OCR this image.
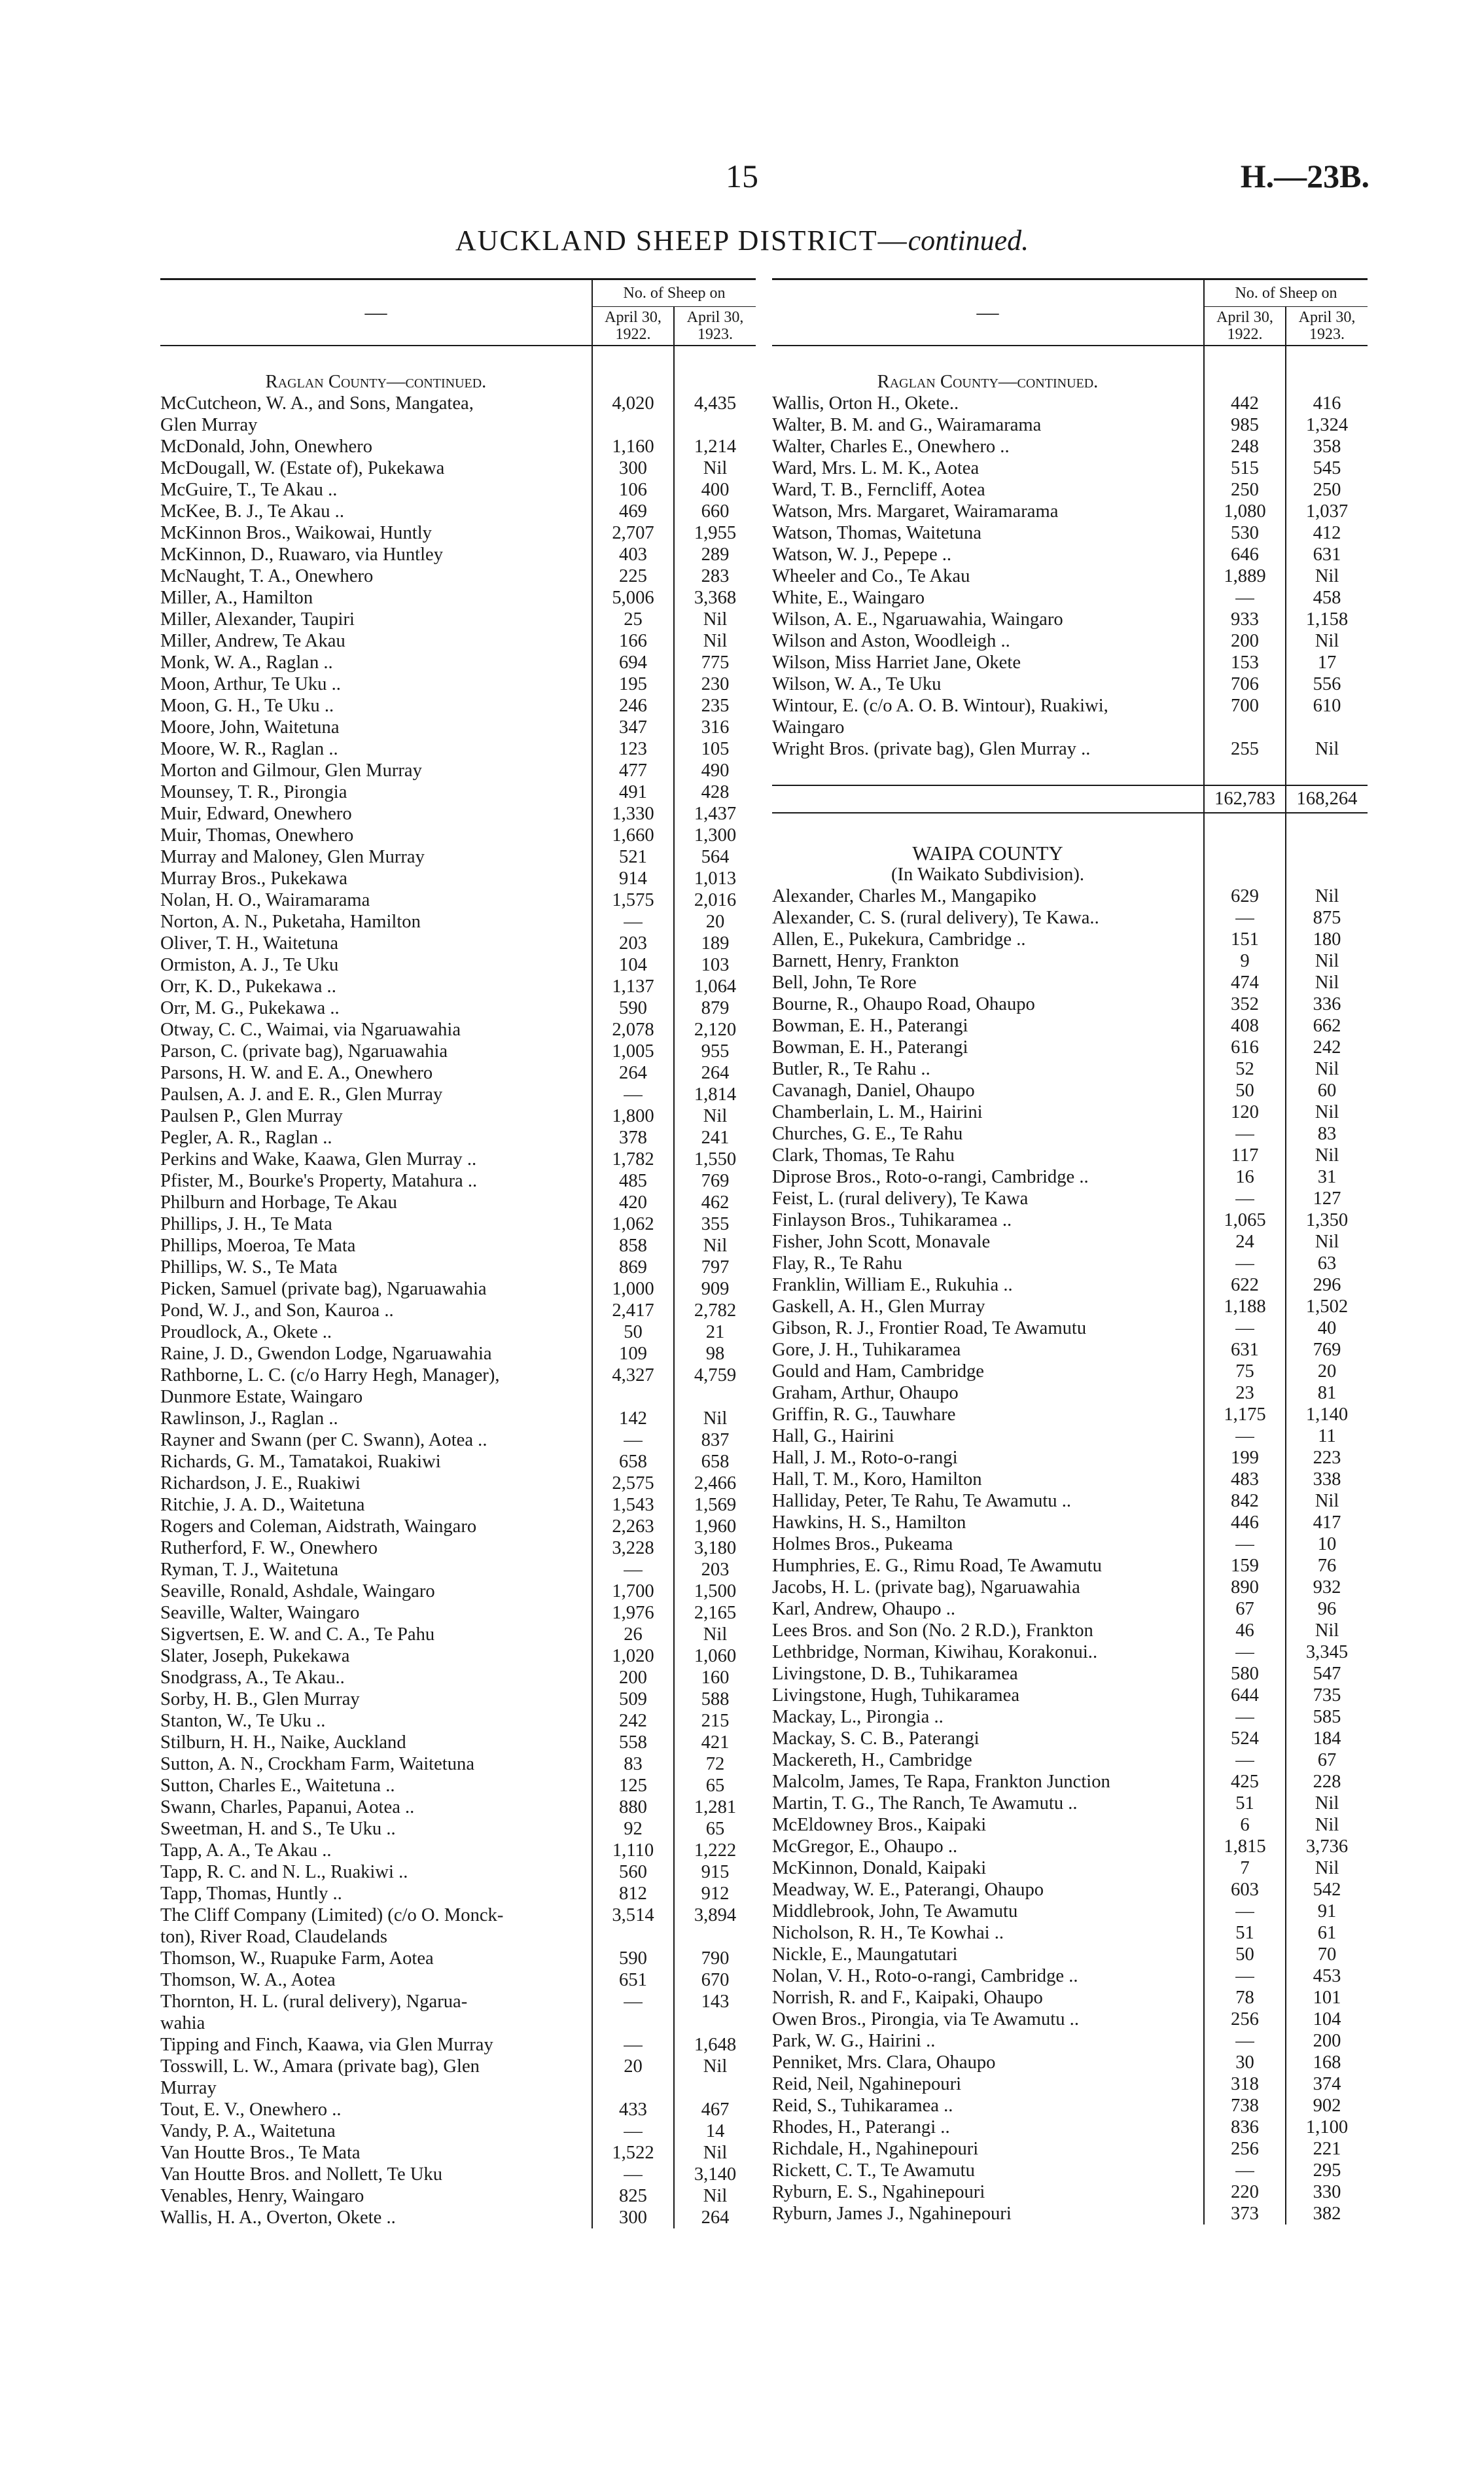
15	H.—23B.
AUCKLAND SHEEP DISTRICT—continued.
—	No. of Sheep on	
	April 30, 1922.	April 30, 1923.

Raglan County—continued.		
McCutcheon, W. A., and Sons, Mangatea,	4,020	4,435
Glen Murray		
McDonald, John, Onewhero	1,160	1,214
McDougall, W. (Estate of), Pukekawa	300	Nil
McGuire, T., Te Akau ..	106	400
McKee, B. J., Te Akau ..	469	660
McKinnon Bros., Waikowai, Huntly	2,707	1,955
McKinnon, D., Ruawaro, via Huntley	403	289
McNaught, T. A., Onewhero	225	283
Miller, A., Hamilton	5,006	3,368
Miller, Alexander, Taupiri	25	Nil
Miller, Andrew, Te Akau	166	Nil
Monk, W. A., Raglan ..	694	775
Moon, Arthur, Te Uku ..	195	230
Moon, G. H., Te Uku ..	246	235
Moore, John, Waitetuna	347	316
Moore, W. R., Raglan ..	123	105
Morton and Gilmour, Glen Murray	477	490
Mounsey, T. R., Pirongia	491	428
Muir, Edward, Onewhero	1,330	1,437
Muir, Thomas, Onewhero	1,660	1,300
Murray and Maloney, Glen Murray	521	564
Murray Bros., Pukekawa	914	1,013
Nolan, H. O., Wairamarama	1,575	2,016
Norton, A. N., Puketaha, Hamilton	—	20
Oliver, T. H., Waitetuna	203	189
Ormiston, A. J., Te Uku	104	103
Orr, K. D., Pukekawa ..	1,137	1,064
Orr, M. G., Pukekawa ..	590	879
Otway, C. C., Waimai, via Ngaruawahia	2,078	2,120
Parson, C. (private bag), Ngaruawahia	1,005	955
Parsons, H. W. and E. A., Onewhero	264	264
Paulsen, A. J. and E. R., Glen Murray	—	1,814
Paulsen P., Glen Murray	1,800	Nil
Pegler, A. R., Raglan ..	378	241
Perkins and Wake, Kaawa, Glen Murray ..	1,782	1,550
Pfister, M., Bourke's Property, Matahura ..	485	769
Philburn and Horbage, Te Akau	420	462
Phillips, J. H., Te Mata	1,062	355
Phillips, Moeroa, Te Mata	858	Nil
Phillips, W. S., Te Mata	869	797
Picken, Samuel (private bag), Ngaruawahia	1,000	909
Pond, W. J., and Son, Kauroa ..	2,417	2,782
Proudlock, A., Okete ..	50	21
Raine, J. D., Gwendon Lodge, Ngaruawahia	109	98
Rathborne, L. C. (c/o Harry Hegh, Manager),	4,327	4,759
Dunmore Estate, Waingaro		
Rawlinson, J., Raglan ..	142	Nil
Rayner and Swann (per C. Swann), Aotea ..	—	837
Richards, G. M., Tamatakoi, Ruakiwi	658	658
Richardson, J. E., Ruakiwi	2,575	2,466
Ritchie, J. A. D., Waitetuna	1,543	1,569
Rogers and Coleman, Aidstrath, Waingaro	2,263	1,960
Rutherford, F. W., Onewhero	3,228	3,180
Ryman, T. J., Waitetuna	—	203
Seaville, Ronald, Ashdale, Waingaro	1,700	1,500
Seaville, Walter, Waingaro	1,976	2,165
Sigvertsen, E. W. and C. A., Te Pahu	26	Nil
Slater, Joseph, Pukekawa	1,020	1,060
Snodgrass, A., Te Akau..	200	160
Sorby, H. B., Glen Murray	509	588
Stanton, W., Te Uku ..	242	215
Stilburn, H. H., Naike, Auckland	558	421
Sutton, A. N., Crockham Farm, Waitetuna	83	72
Sutton, Charles E., Waitetuna ..	125	65
Swann, Charles, Papanui, Aotea ..	880	1,281
Sweetman, H. and S., Te Uku ..	92	65
Tapp, A. A., Te Akau ..	1,110	1,222
Tapp, R. C. and N. L., Ruakiwi ..	560	915
Tapp, Thomas, Huntly ..	812	912
The Cliff Company (Limited) (c/o O. Monck-	3,514	3,894
ton), River Road, Claudelands		
Thomson, W., Ruapuke Farm, Aotea	590	790
Thomson, W. A., Aotea	651	670
Thornton, H. L. (rural delivery), Ngarua-	—	143
wahia		
Tipping and Finch, Kaawa, via Glen Murray	—	1,648
Tosswill, L. W., Amara (private bag), Glen	20	Nil
Murray		
Tout, E. V., Onewhero ..	433	467
Vandy, P. A., Waitetuna	—	14
Van Houtte Bros., Te Mata	1,522	Nil
Van Houtte Bros. and Nollett, Te Uku	—	3,140
Venables, Henry, Waingaro	825	Nil
Wallis, H. A., Overton, Okete ..	300	264
—	No. of Sheep on	
	April 30, 1922.	April 30, 1923.

Raglan County—continued.		
Wallis, Orton H., Okete..	442	416
Walter, B. M. and G., Wairamarama	985	1,324
Walter, Charles E., Onewhero ..	248	358
Ward, Mrs. L. M. K., Aotea	515	545
Ward, T. B., Ferncliff, Aotea	250	250
Watson, Mrs. Margaret, Wairamarama	1,080	1,037
Watson, Thomas, Waitetuna	530	412
Watson, W. J., Pepepe ..	646	631
Wheeler and Co., Te Akau	1,889	Nil
White, E., Waingaro	—	458
Wilson, A. E., Ngaruawahia, Waingaro	933	1,158
Wilson and Aston, Woodleigh ..	200	Nil
Wilson, Miss Harriet Jane, Okete	153	17
Wilson, W. A., Te Uku	706	556
Wintour, E. (c/o A. O. B. Wintour), Ruakiwi,	700	610
Waingaro		
Wright Bros. (private bag), Glen Murray ..	255	Nil

	162,783	168,264

WAIPA COUNTY		
(In Waikato Subdivision).		
Alexander, Charles M., Mangapiko	629	Nil
Alexander, C. S. (rural delivery), Te Kawa..	—	875
Allen, E., Pukekura, Cambridge ..	151	180
Barnett, Henry, Frankton	9	Nil
Bell, John, Te Rore	474	Nil
Bourne, R., Ohaupo Road, Ohaupo	352	336
Bowman, E. H., Paterangi	408	662
Bowman, E. H., Paterangi	616	242
Butler, R., Te Rahu ..	52	Nil
Cavanagh, Daniel, Ohaupo	50	60
Chamberlain, L. M., Hairini	120	Nil
Churches, G. E., Te Rahu	—	83
Clark, Thomas, Te Rahu	117	Nil
Diprose Bros., Roto-o-rangi, Cambridge ..	16	31
Feist, L. (rural delivery), Te Kawa	—	127
Finlayson Bros., Tuhikaramea ..	1,065	1,350
Fisher, John Scott, Monavale	24	Nil
Flay, R., Te Rahu	—	63
Franklin, William E., Rukuhia ..	622	296
Gaskell, A. H., Glen Murray	1,188	1,502
Gibson, R. J., Frontier Road, Te Awamutu	—	40
Gore, J. H., Tuhikaramea	631	769
Gould and Ham, Cambridge	75	20
Graham, Arthur, Ohaupo	23	81
Griffin, R. G., Tauwhare	1,175	1,140
Hall, G., Hairini	—	11
Hall, J. M., Roto-o-rangi	199	223
Hall, T. M., Koro, Hamilton	483	338
Halliday, Peter, Te Rahu, Te Awamutu ..	842	Nil
Hawkins, H. S., Hamilton	446	417
Holmes Bros., Pukeama	—	10
Humphries, E. G., Rimu Road, Te Awamutu	159	76
Jacobs, H. L. (private bag), Ngaruawahia	890	932
Karl, Andrew, Ohaupo ..	67	96
Lees Bros. and Son (No. 2 R.D.), Frankton	46	Nil
Lethbridge, Norman, Kiwihau, Korakonui..	—	3,345
Livingstone, D. B., Tuhikaramea	580	547
Livingstone, Hugh, Tuhikaramea	644	735
Mackay, L., Pirongia ..	—	585
Mackay, S. C. B., Paterangi	524	184
Mackereth, H., Cambridge	—	67
Malcolm, James, Te Rapa, Frankton Junction	425	228
Martin, T. G., The Ranch, Te Awamutu ..	51	Nil
McEldowney Bros., Kaipaki	6	Nil
McGregor, E., Ohaupo ..	1,815	3,736
McKinnon, Donald, Kaipaki	7	Nil
Meadway, W. E., Paterangi, Ohaupo	603	542
Middlebrook, John, Te Awamutu	—	91
Nicholson, R. H., Te Kowhai ..	51	61
Nickle, E., Maungatutari	50	70
Nolan, V. H., Roto-o-rangi, Cambridge ..	—	453
Norrish, R. and F., Kaipaki, Ohaupo	78	101
Owen Bros., Pirongia, via Te Awamutu ..	256	104
Park, W. G., Hairini ..	—	200
Penniket, Mrs. Clara, Ohaupo	30	168
Reid, Neil, Ngahinepouri	318	374
Reid, S., Tuhikaramea ..	738	902
Rhodes, H., Paterangi ..	836	1,100
Richdale, H., Ngahinepouri	256	221
Rickett, C. T., Te Awamutu	—	295
Ryburn, E. S., Ngahinepouri	220	330
Ryburn, James J., Ngahinepouri	373	382
